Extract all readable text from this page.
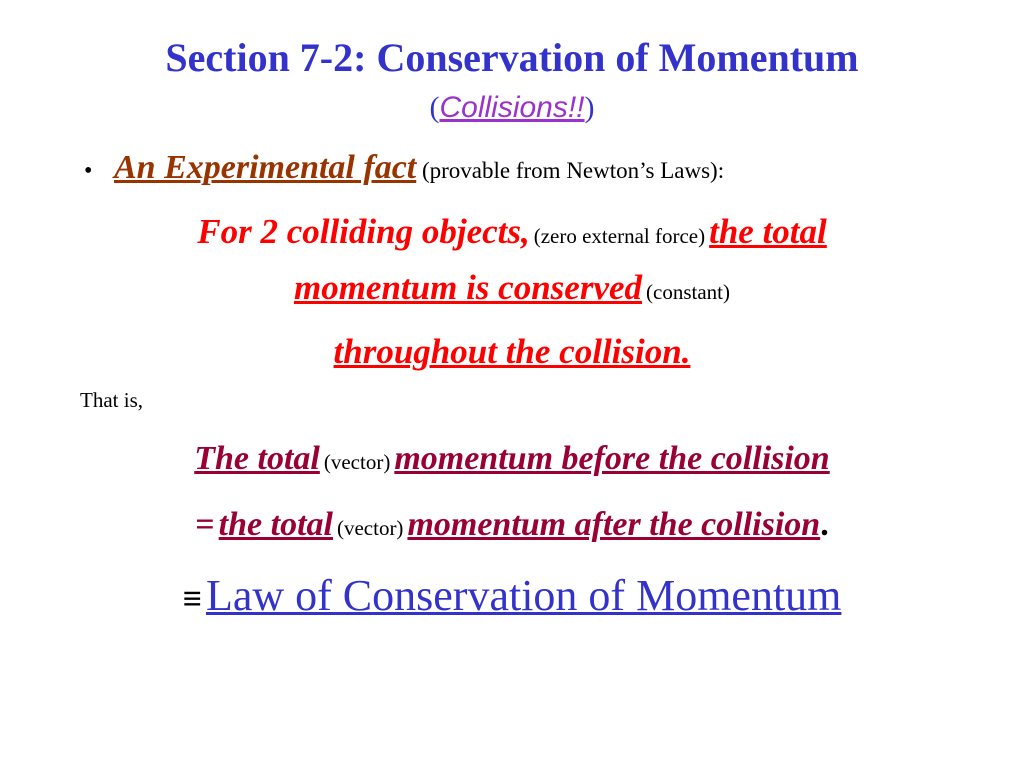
Section 7-2: Conservation of Momentum
(Collisions!!)
• An Experimental fact (provable from Newton’s Laws):
For 2 colliding objects, (zero external force) the total
momentum is conserved (constant)
throughout the collision.
That is,
The total (vector) momentum before the collision
= the total (vector) momentum after the collision.
≡ Law of Conservation of Momentum
